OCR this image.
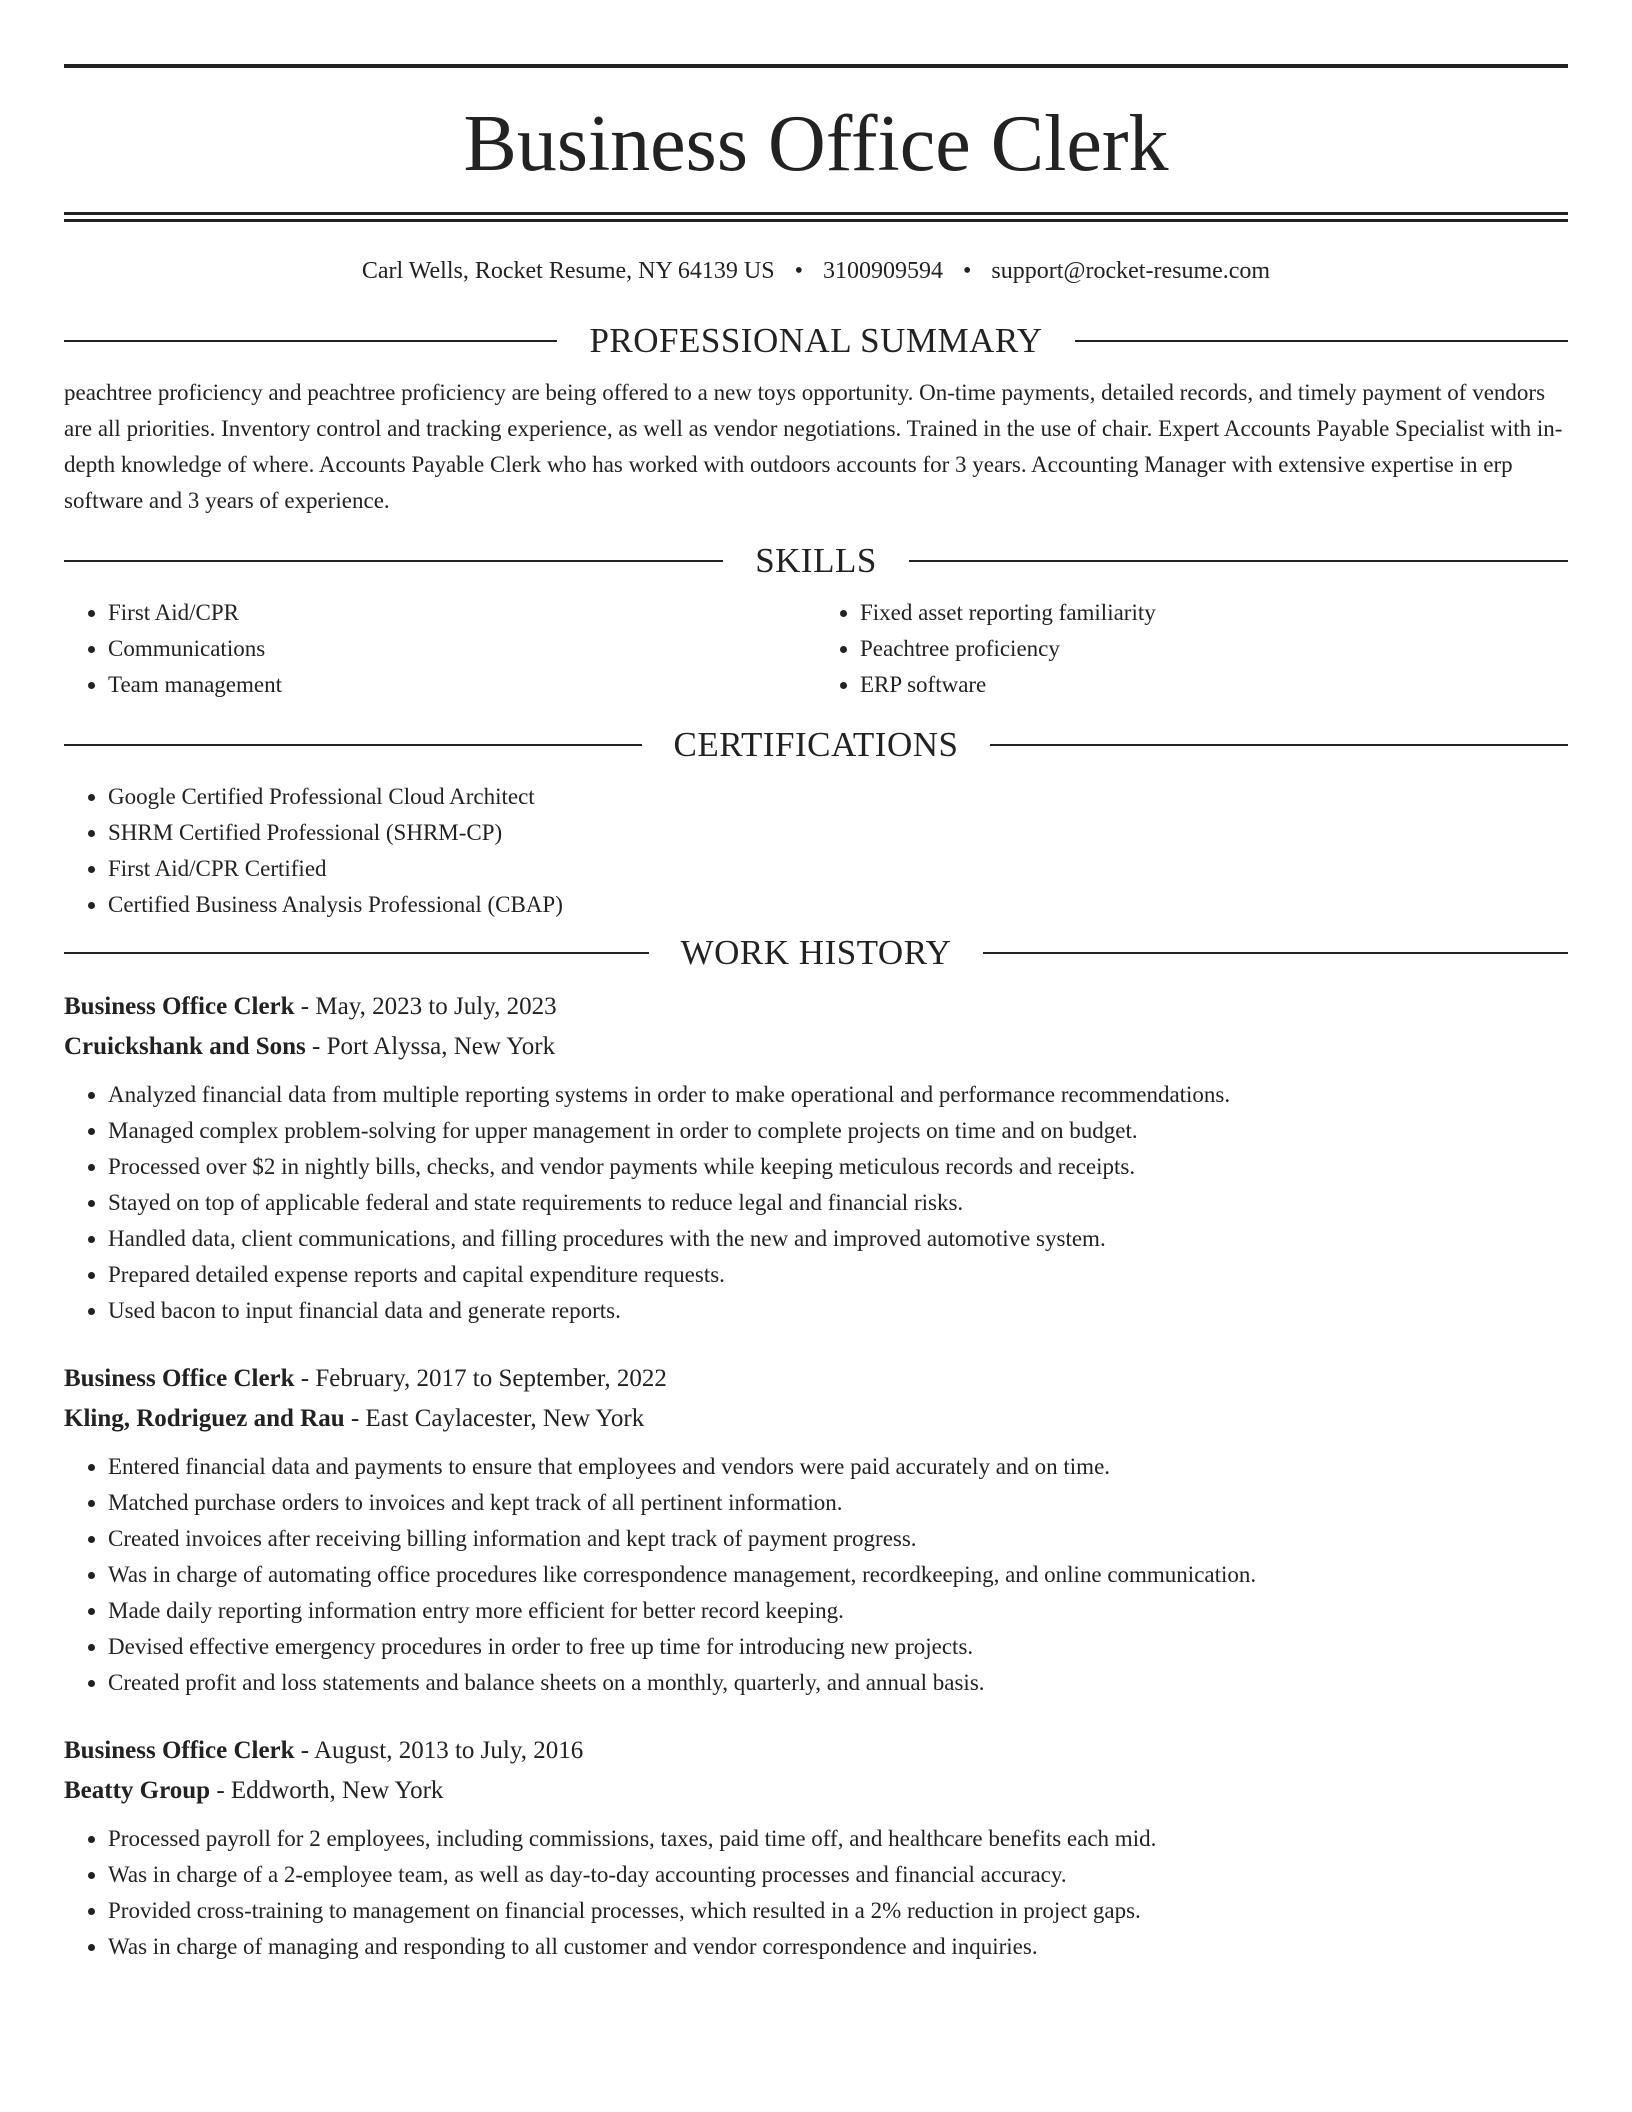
Business Office Clerk
Carl Wells, Rocket Resume, NY 64139 US • 3100909594 • support@rocket-resume.com
PROFESSIONAL SUMMARY

peachtree proficiency and peachtree proficiency are being offered to a new toys opportunity. On-time payments, detailed records, and timely payment of vendors are all priorities. Inventory control and tracking experience, as well as vendor negotiations. Trained in the use of chair. Expert Accounts Payable Specialist with in-depth knowledge of where. Accounts Payable Clerk who has worked with outdoors accounts for 3 years. Accounting Manager with extensive expertise in erp software and 3 years of experience.

SKILLS
• First Aid/CPR
• Communications
• Team management
• Fixed asset reporting familiarity
• Peachtree proficiency
• ERP software
CERTIFICATIONS
• Google Certified Professional Cloud Architect
• SHRM Certified Professional (SHRM-CP)
• First Aid/CPR Certified
• Certified Business Analysis Professional (CBAP)
WORK HISTORY
Business Office Clerk - May, 2023 to July, 2023
Cruickshank and Sons - Port Alyssa, New York
• Analyzed financial data from multiple reporting systems in order to make operational and performance recommendations.
• Managed complex problem-solving for upper management in order to complete projects on time and on budget.
• Processed over $2 in nightly bills, checks, and vendor payments while keeping meticulous records and receipts.
• Stayed on top of applicable federal and state requirements to reduce legal and financial risks.
• Handled data, client communications, and filling procedures with the new and improved automotive system.
• Prepared detailed expense reports and capital expenditure requests.
• Used bacon to input financial data and generate reports.
Business Office Clerk - February, 2017 to September, 2022
Kling, Rodriguez and Rau - East Caylacester, New York
• Entered financial data and payments to ensure that employees and vendors were paid accurately and on time.
• Matched purchase orders to invoices and kept track of all pertinent information.
• Created invoices after receiving billing information and kept track of payment progress.
• Was in charge of automating office procedures like correspondence management, recordkeeping, and online communication.
• Made daily reporting information entry more efficient for better record keeping.
• Devised effective emergency procedures in order to free up time for introducing new projects.
• Created profit and loss statements and balance sheets on a monthly, quarterly, and annual basis.
Business Office Clerk - August, 2013 to July, 2016
Beatty Group - Eddworth, New York
• Processed payroll for 2 employees, including commissions, taxes, paid time off, and healthcare benefits each mid.
• Was in charge of a 2-employee team, as well as day-to-day accounting processes and financial accuracy.
• Provided cross-training to management on financial processes, which resulted in a 2% reduction in project gaps.
• Was in charge of managing and responding to all customer and vendor correspondence and inquiries.
